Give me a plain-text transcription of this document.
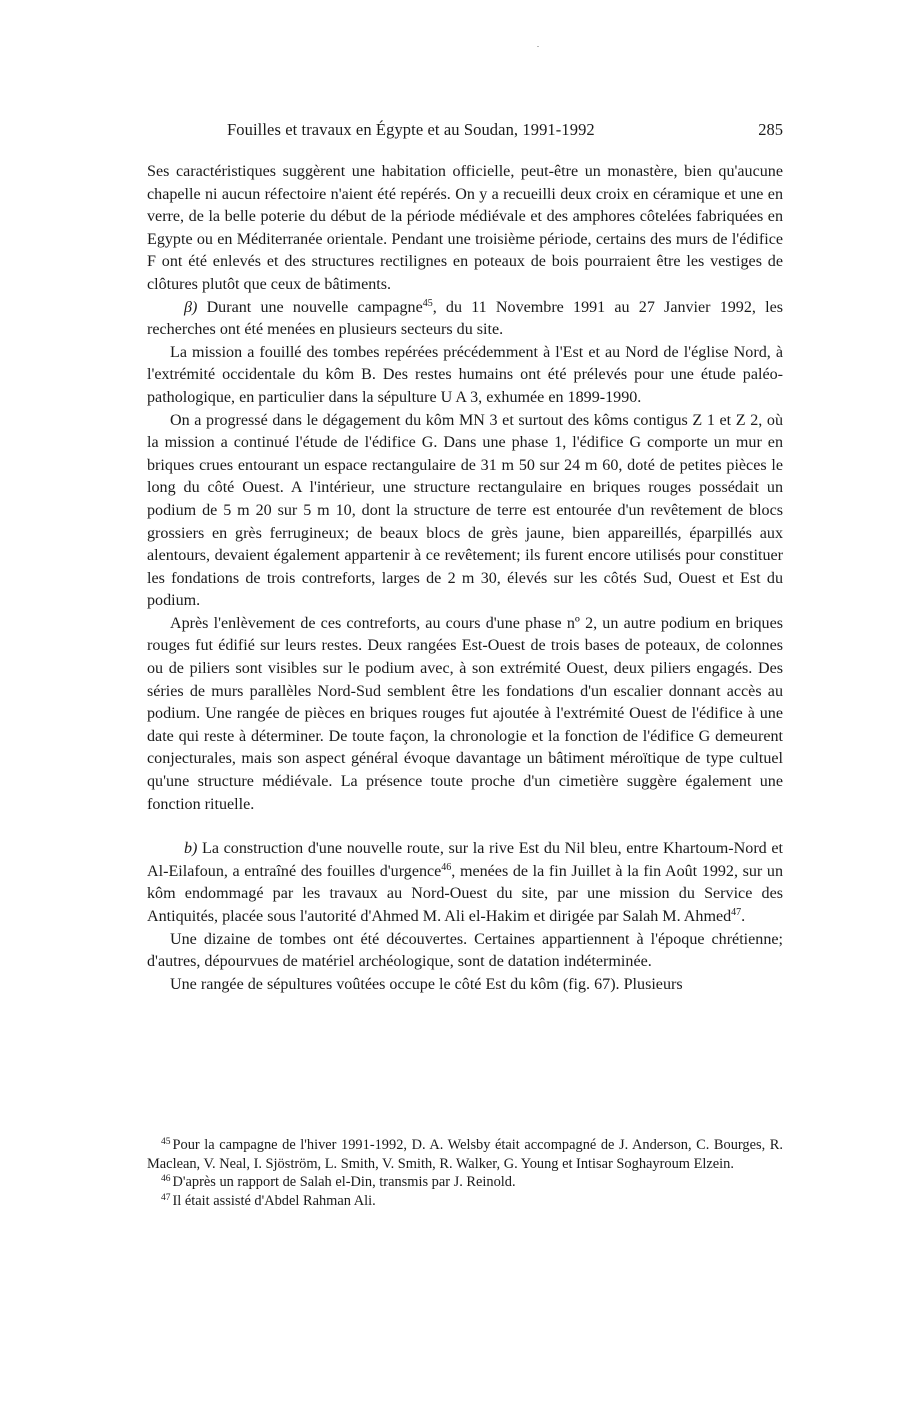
Fouilles et travaux en Égypte et au Soudan, 1991-1992	285

Ses caractéristiques suggèrent une habitation officielle, peut-être un monastère, bien qu'aucune chapelle ni aucun réfectoire n'aient été repérés. On y a recueilli deux croix en céramique et une en verre, de la belle poterie du début de la période médiévale et des amphores côtelées fabriquées en Egypte ou en Méditerranée orientale. Pendant une troisième période, certains des murs de l'édifice F ont été enlevés et des structures rectilignes en poteaux de bois pourraient être les vestiges de clôtures plutôt que ceux de bâtiments.

β) Durant une nouvelle campagne$^{45}$, du 11 Novembre 1991 au 27 Janvier 1992, les recherches ont été menées en plusieurs secteurs du site.

La mission a fouillé des tombes repérées précédemment à l'Est et au Nord de l'église Nord, à l'extrémité occidentale du kôm B. Des restes humains ont été prélevés pour une étude paléo-pathologique, en particulier dans la sépulture U A 3, exhumée en 1899-1990.

On a progressé dans le dégagement du kôm MN 3 et surtout des kôms contigus Z 1 et Z 2, où la mission a continué l'étude de l'édifice G. Dans une phase 1, l'édifice G comporte un mur en briques crues entourant un espace rectangulaire de 31 m 50 sur 24 m 60, doté de petites pièces le long du côté Ouest. A l'intérieur, une structure rectangulaire en briques rouges possédait un podium de 5 m 20 sur 5 m 10, dont la structure de terre est entourée d'un revêtement de blocs grossiers en grès ferrugineux; de beaux blocs de grès jaune, bien appareillés, éparpillés aux alentours, devaient également appartenir à ce revêtement; ils furent encore utilisés pour constituer les fondations de trois contreforts, larges de 2 m 30, élevés sur les côtés Sud, Ouest et Est du podium.

Après l'enlèvement de ces contreforts, au cours d'une phase nº 2, un autre podium en briques rouges fut édifié sur leurs restes. Deux rangées Est-Ouest de trois bases de poteaux, de colonnes ou de piliers sont visibles sur le podium avec, à son extrémité Ouest, deux piliers engagés. Des séries de murs parallèles Nord-Sud semblent être les fondations d'un escalier donnant accès au podium. Une rangée de pièces en briques rouges fut ajoutée à l'extrémité Ouest de l'édifice à une date qui reste à déterminer. De toute façon, la chronologie et la fonction de l'édifice G demeurent conjecturales, mais son aspect général évoque davantage un bâtiment méroïtique de type cultuel qu'une structure médiévale. La présence toute proche d'un cimetière suggère également une fonction rituelle.

b) La construction d'une nouvelle route, sur la rive Est du Nil bleu, entre Khartoum-Nord et Al-Eilafoun, a entraîné des fouilles d'urgence$^{46}$, menées de la fin Juillet à la fin Août 1992, sur un kôm endommagé par les travaux au Nord-Ouest du site, par une mission du Service des Antiquités, placée sous l'autorité d'Ahmed M. Ali el-Hakim et dirigée par Salah M. Ahmed$^{47}$.

Une dizaine de tombes ont été découvertes. Certaines appartiennent à l'époque chrétienne; d'autres, dépourvues de matériel archéologique, sont de datation indéterminée.

Une rangée de sépultures voûtées occupe le côté Est du kôm (fig. 67). Plusieurs

$^{45}$ Pour la campagne de l'hiver 1991-1992, D. A. Welsby était accompagné de J. Anderson, C. Bourges, R. Maclean, V. Neal, I. Sjöström, L. Smith, V. Smith, R. Walker, G. Young et Intisar Soghayroum Elzein.

$^{46}$ D'après un rapport de Salah el-Din, transmis par J. Reinold.

$^{47}$ Il était assisté d'Abdel Rahman Ali.
